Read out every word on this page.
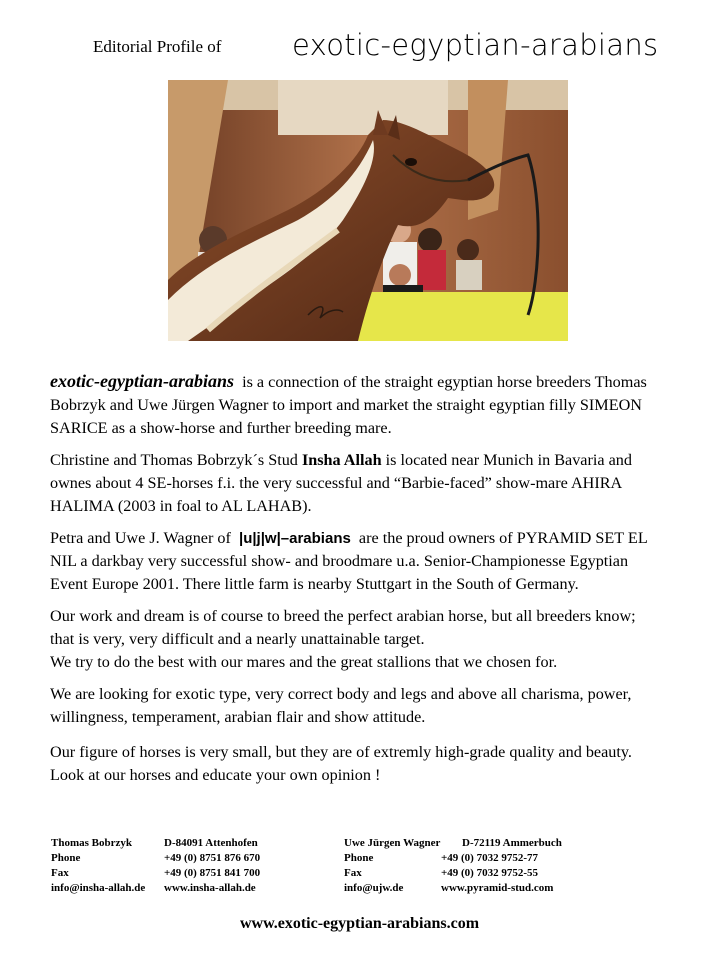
Editorial Profile of exotic-egyptian-arabians

exotic-egyptian-arabians is a connection of the straight egyptian horse breeders Thomas Bobrzyk and Uwe Jürgen Wagner to import and market the straight egyptian filly SIMEON SARICE as a show-horse and further breeding mare.

Christine and Thomas Bobrzyk´s Stud Insha Allah is located near Munich in Bavaria and ownes about 4 SE-horses f.i. the very successful and “Barbie-faced” show-mare AHIRA HALIMA (2003 in foal to AL LAHAB).

Petra and Uwe J. Wagner of |u|j|w|–arabians are the proud owners of PYRAMID SET EL NIL a darkbay very successful show- and broodmare u.a. Senior-Championesse Egyptian Event Europe 2001. There little farm is nearby Stuttgart in the South of Germany.

Our work and dream is of course to breed the perfect arabian horse, but all breeders know; that is very, very difficult and a nearly unattainable target.
We try to do the best with our mares and the great stallions that we chosen for.

We are looking for exotic type, very correct body and legs and above all charisma, power, willingness, temperament, arabian flair and show attitude.

Our figure of horses is very small, but they are of extremly high-grade quality and beauty. Look at our horses and educate your own opinion !

Thomas Bobrzyk	D-84091 Attenhofen
Phone	+49 (0) 8751 876 670
Fax	+49 (0) 8751 841 700
info@insha-allah.de	www.insha-allah.de
Uwe Jürgen Wagner	D-72119 Ammerbuch
Phone	+49 (0) 7032 9752-77
Fax	+49 (0) 7032 9752-55
info@ujw.de	www.pyramid-stud.com
www.exotic-egyptian-arabians.com
